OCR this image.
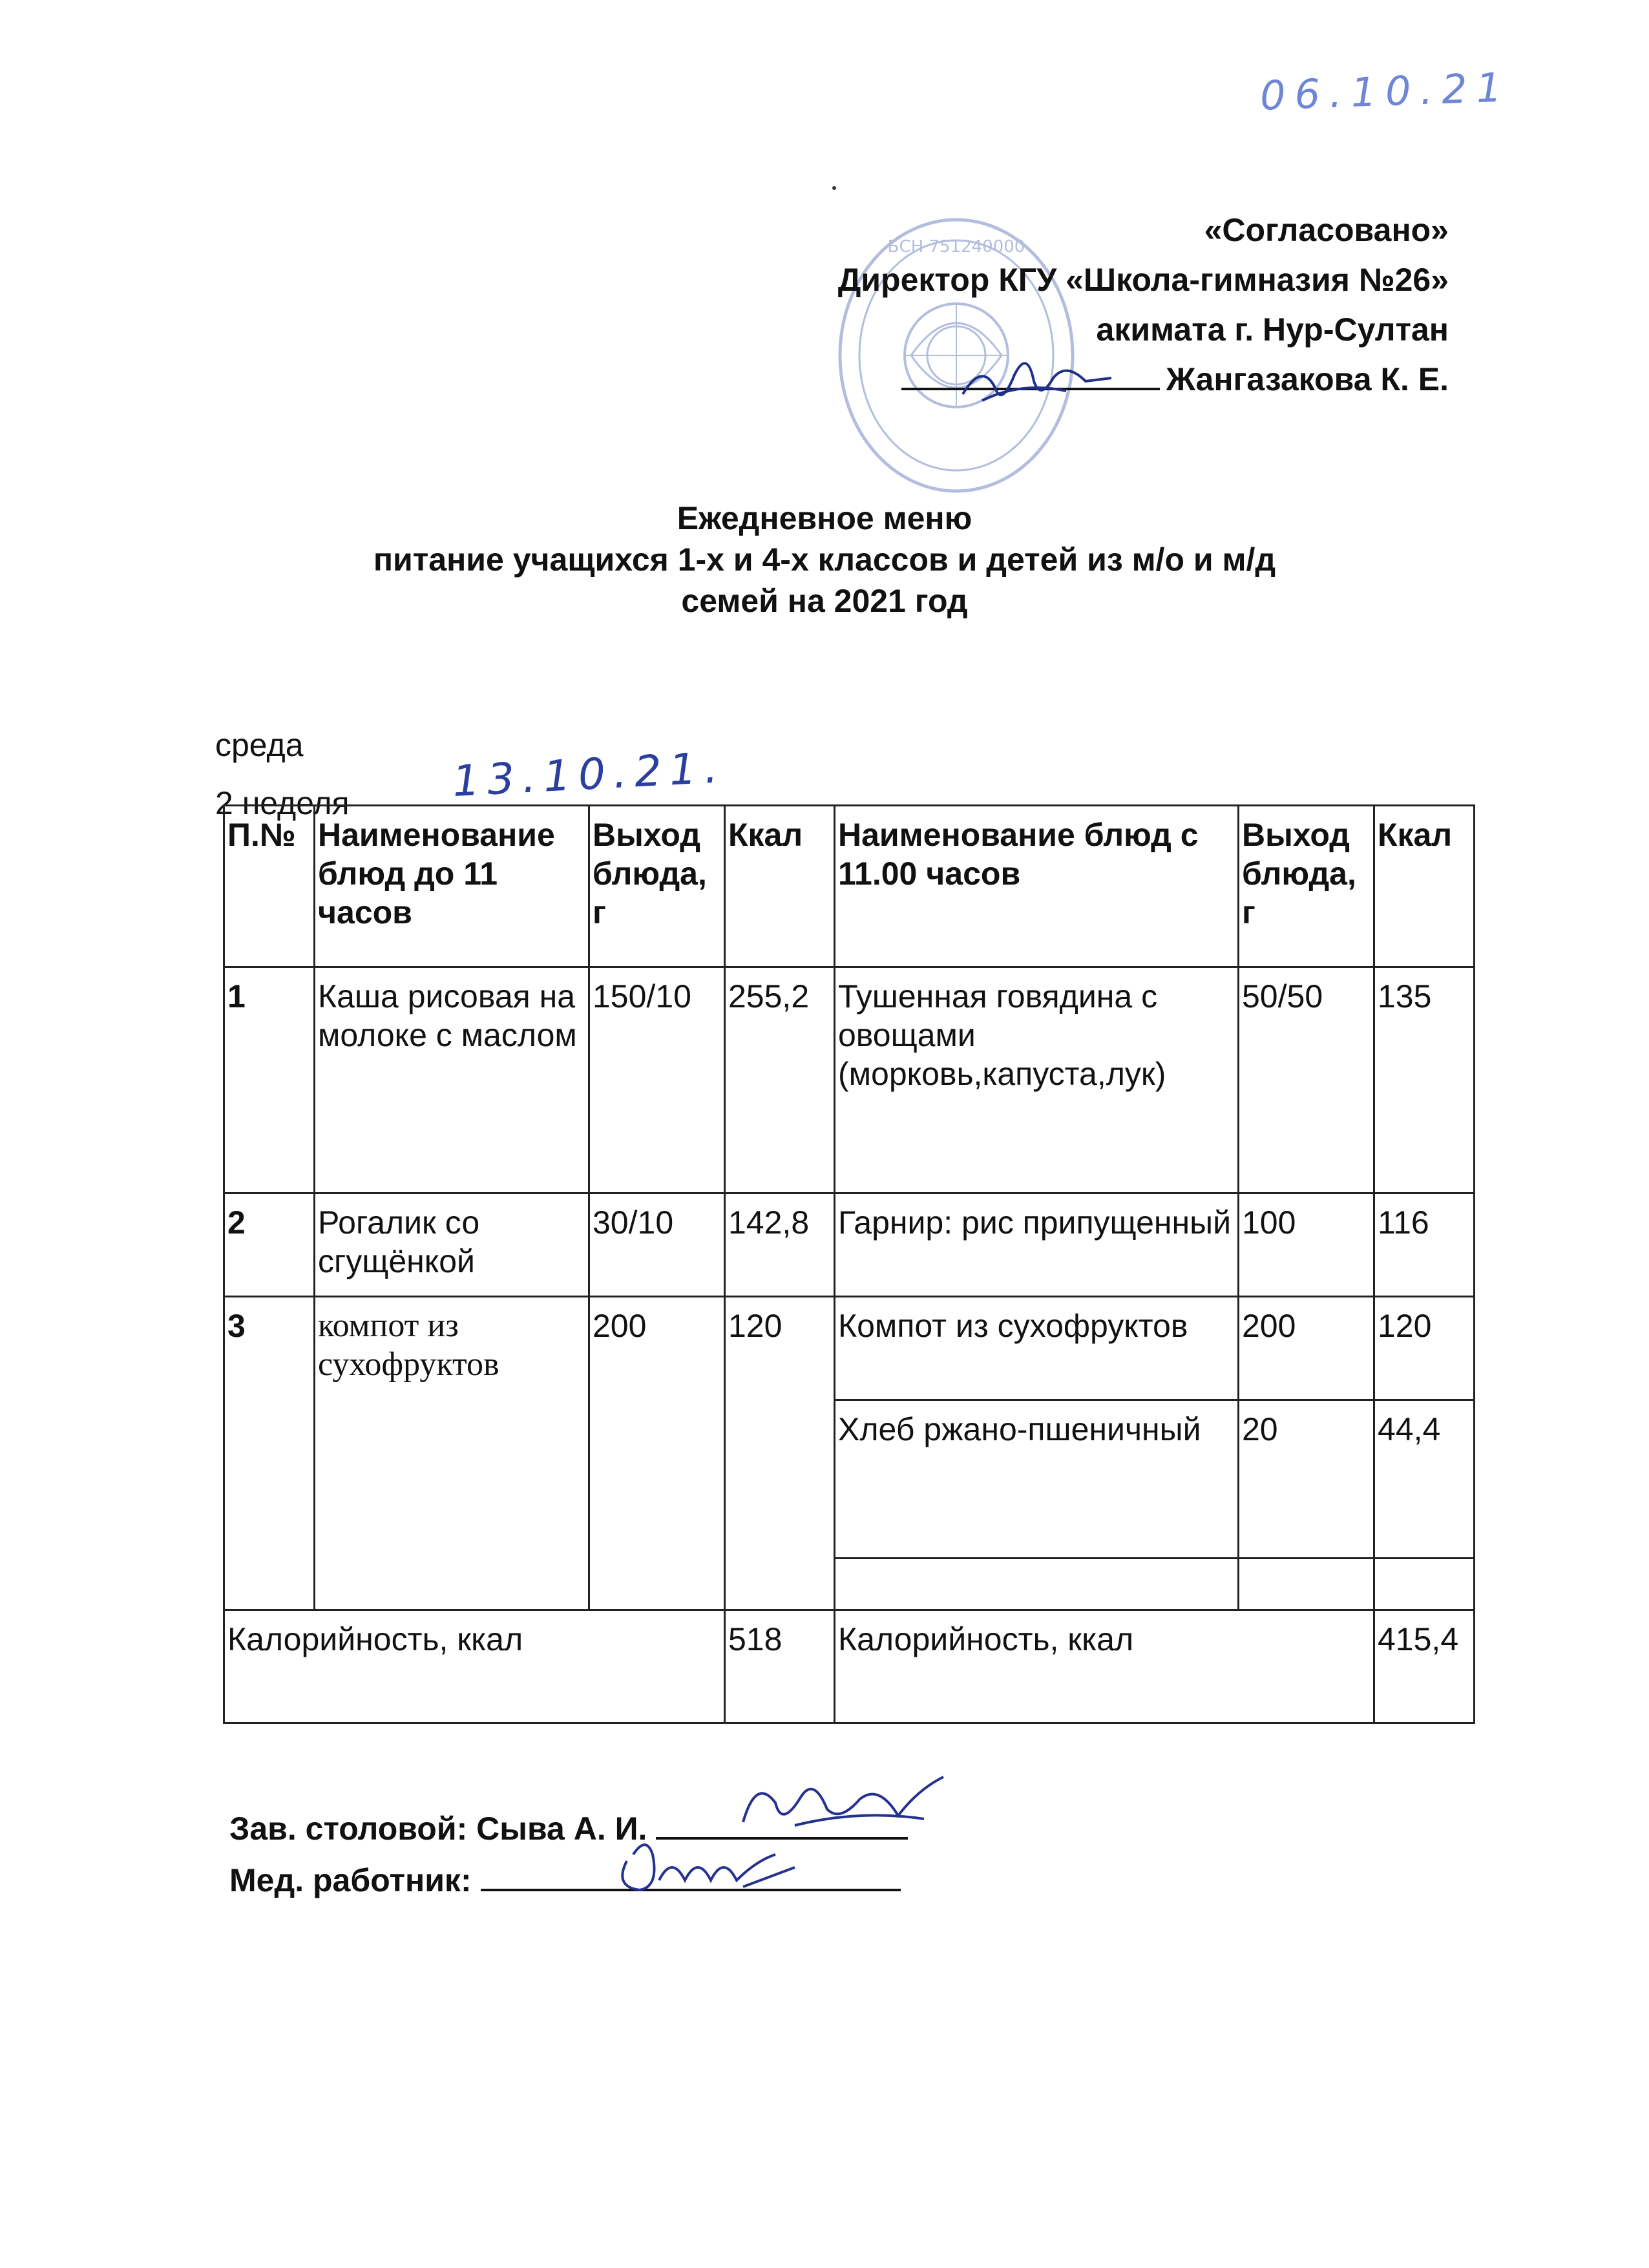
06.10.21
БСН 751240000	«Согласовано»
Директор КГУ «Школа-гимназия №26»
акимата г. Нур-Султан
Жангазакова К. Е.
Ежедневное меню
питание учащихся 1-х и 4-х классов и детей из м/о и м/д
семей на 2021 год
среда
2 неделя 13.10.21.
П.№	Наименование блюд до 11 часов	Выход блюда, г	Ккал	Наименование блюд с 11.00 часов	Выход блюда, г	Ккал
1	Каша рисовая на молоке с маслом	150/10	255,2	Тушенная говядина с овощами (морковь,капуста,лук)	50/50	135
2	Рогалик со сгущёнкой	30/10	142,8	Гарнир: рис припущенный	100	116
3	компот из сухофруктов	200	120	Компот из сухофруктов	200	120
				Хлеб ржано-пшеничный	20	44,4

Калорийность, ккал			518	Калорийность, ккал		415,4
Зав. столовой: Сыва А. И.
Мед. работник:
